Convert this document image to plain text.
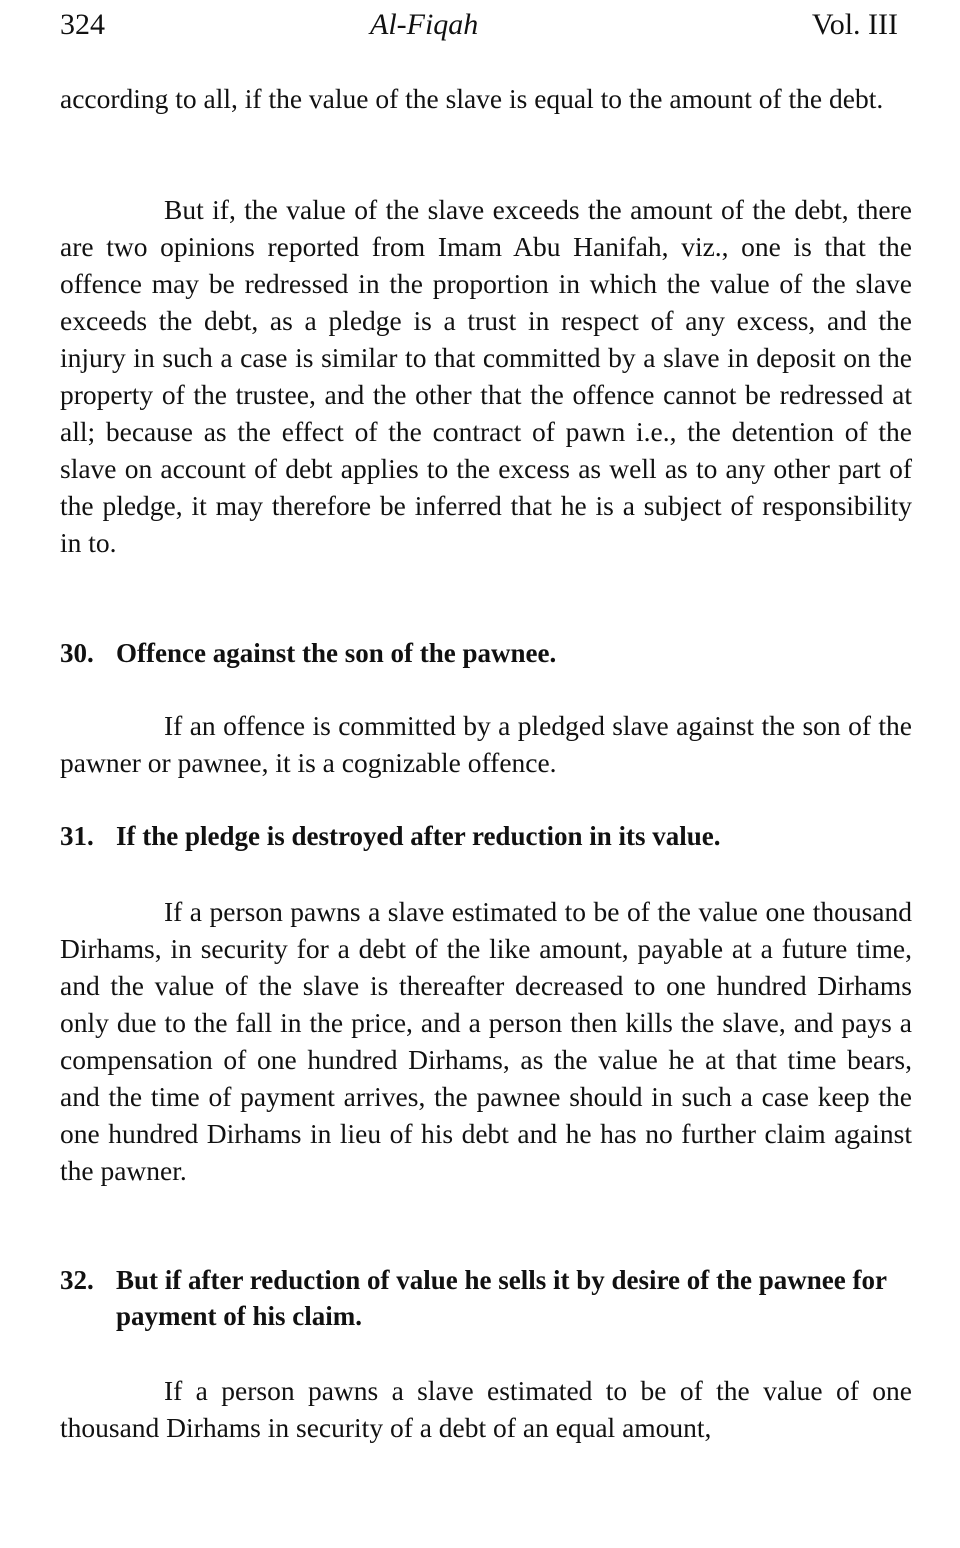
324	Al-Fiqah	Vol. III

according to all, if the value of the slave is equal to the amount of the debt.

But if, the value of the slave exceeds the amount of the debt, there are two opinions reported from Imam Abu Hanifah, viz., one is that the offence may be redressed in the proportion in which the value of the slave exceeds the debt, as a pledge is a trust in respect of any excess, and the injury in such a case is similar to that committed by a slave in deposit on the property of the trustee, and the other that the offence cannot be redressed at all; because as the effect of the contract of pawn i.e., the detention of the slave on account of debt applies to the excess as well as to any other part of the pledge, it may therefore be inferred that he is a subject of responsibility in to.

30. Offence against the son of the pawnee.

If an offence is committed by a pledged slave against the son of the pawner or pawnee, it is a cognizable offence.

31. If the pledge is destroyed after reduction in its value.

If a person pawns a slave estimated to be of the value one thousand Dirhams, in security for a debt of the like amount, payable at a future time, and the value of the slave is thereafter decreased to one hundred Dirhams only due to the fall in the price, and a person then kills the slave, and pays a compensation of one hundred Dirhams, as the value he at that time bears, and the time of payment arrives, the pawnee should in such a case keep the one hundred Dirhams in lieu of his debt and he has no further claim against the pawner.

32. But if after reduction of value he sells it by desire of the pawnee for payment of his claim.

If a person pawns a slave estimated to be of the value of one thousand Dirhams in security of a debt of an equal amount,
